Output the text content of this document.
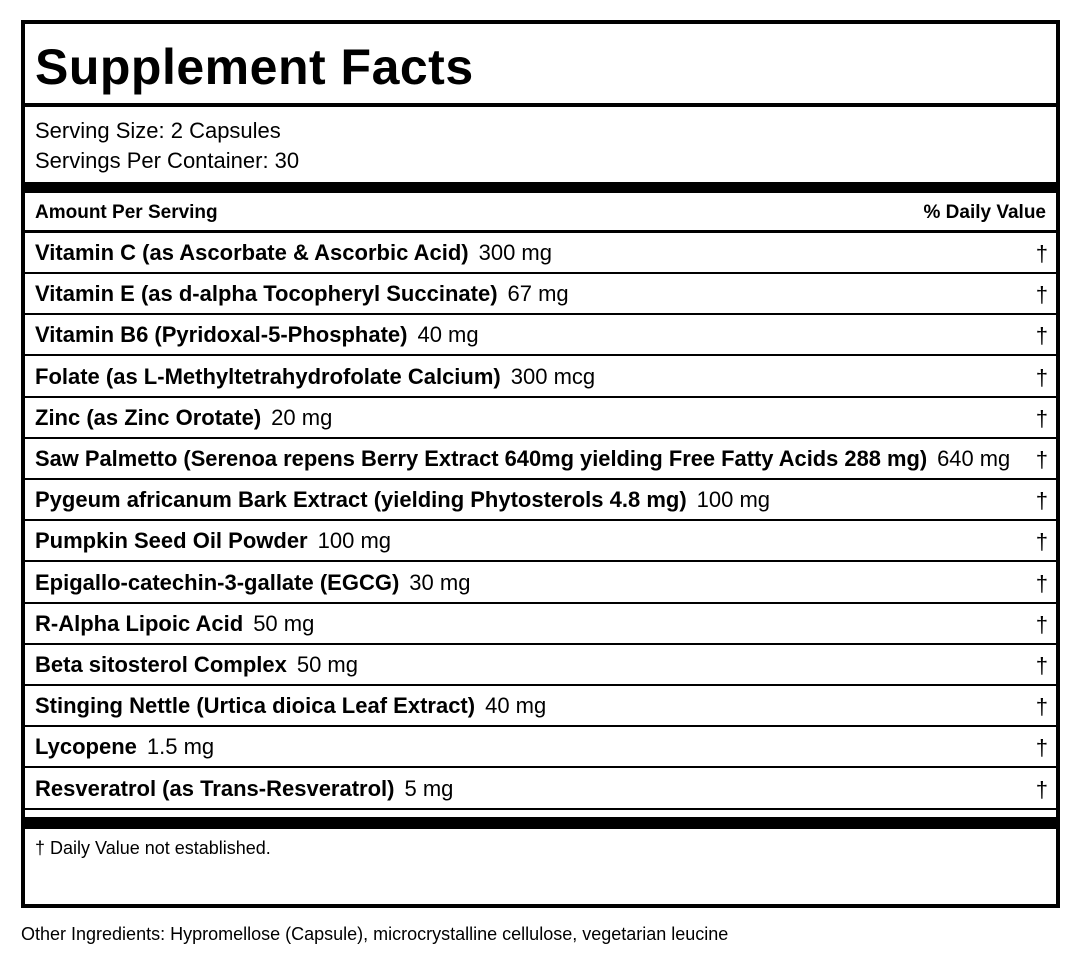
Supplement Facts
Serving Size: 2 Capsules
Servings Per Container: 30
Amount Per Serving	% Daily Value
Vitamin C (as Ascorbate & Ascorbic Acid) 300 mg	†
Vitamin E (as d-alpha Tocopheryl Succinate) 67 mg	†
Vitamin B6 (Pyridoxal-5-Phosphate) 40 mg	†
Folate (as L-Methyltetrahydrofolate Calcium) 300 mcg	†
Zinc (as Zinc Orotate) 20 mg	†
Saw Palmetto (Serenoa repens Berry Extract 640mg yielding Free Fatty Acids 288 mg) 640 mg †
Pygeum africanum Bark Extract (yielding Phytosterols 4.8 mg) 100 mg	†
Pumpkin Seed Oil Powder 100 mg	†
Epigallo-catechin-3-gallate (EGCG) 30 mg	†
R-Alpha Lipoic Acid 50 mg	†
Beta sitosterol Complex 50 mg	†
Stinging Nettle (Urtica dioica Leaf Extract) 40 mg	†
Lycopene 1.5 mg	†
Resveratrol (as Trans-Resveratrol) 5 mg	†
† Daily Value not established.
Other Ingredients: Hypromellose (Capsule), microcrystalline cellulose, vegetarian leucine
